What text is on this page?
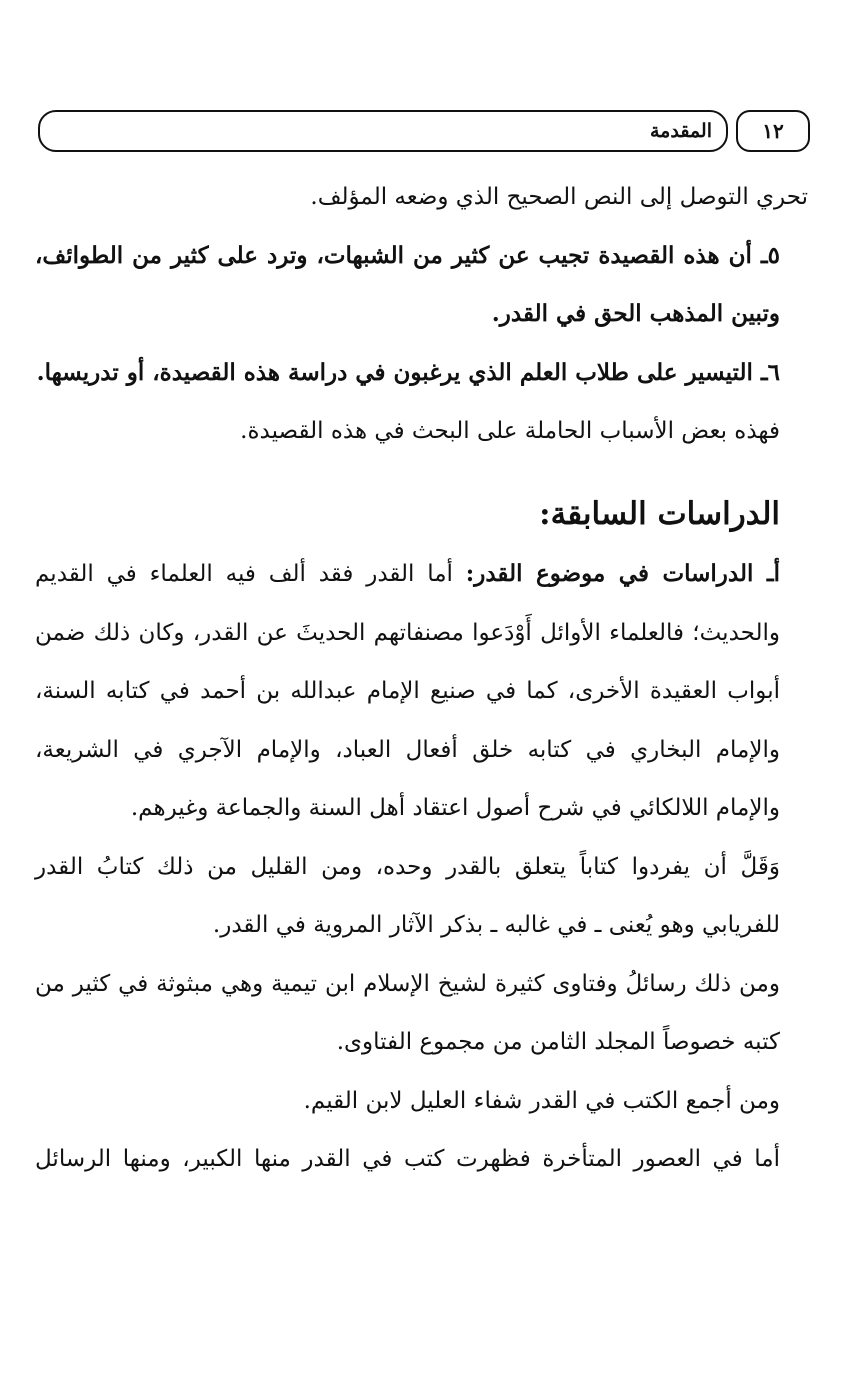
المقدمة	١٢

تحري التوصل إلى النص الصحيح الذي وضعه المؤلف.

٥ـ أن هذه القصيدة تجيب عن كثير من الشبهات، وترد على كثير من الطوائف، وتبين المذهب الحق في القدر.

٦ـ التيسير على طلاب العلم الذي يرغبون في دراسة هذه القصيدة، أو تدريسها.

فهذه بعض الأسباب الحاملة على البحث في هذه القصيدة.

الدراسات السابقة:

أـ الدراسات في موضوع القدر: أما القدر فقد ألف فيه العلماء في القديم والحديث؛ فالعلماء الأوائل أَوْدَعوا مصنفاتهم الحديثَ عن القدر، وكان ذلك ضمن أبواب العقيدة الأخرى، كما في صنيع الإمام عبدالله بن أحمد في كتابه السنة، والإمام البخاري في كتابه خلق أفعال العباد، والإمام الآجري في الشريعة، والإمام اللالكائي في شرح أصول اعتقاد أهل السنة والجماعة وغيرهم.

وَقَلَّ أن يفردوا كتاباً يتعلق بالقدر وحده، ومن القليل من ذلك كتابُ القدر للفريابي وهو يُعنى ـ في غالبه ـ بذكر الآثار المروية في القدر.

ومن ذلك رسائلُ وفتاوى كثيرة لشيخ الإسلام ابن تيمية وهي مبثوثة في كثير من كتبه خصوصاً المجلد الثامن من مجموع الفتاوى.

ومن أجمع الكتب في القدر شفاء العليل لابن القيم.

أما في العصور المتأخرة فظهرت كتب في القدر منها الكبير، ومنها الرسائل
